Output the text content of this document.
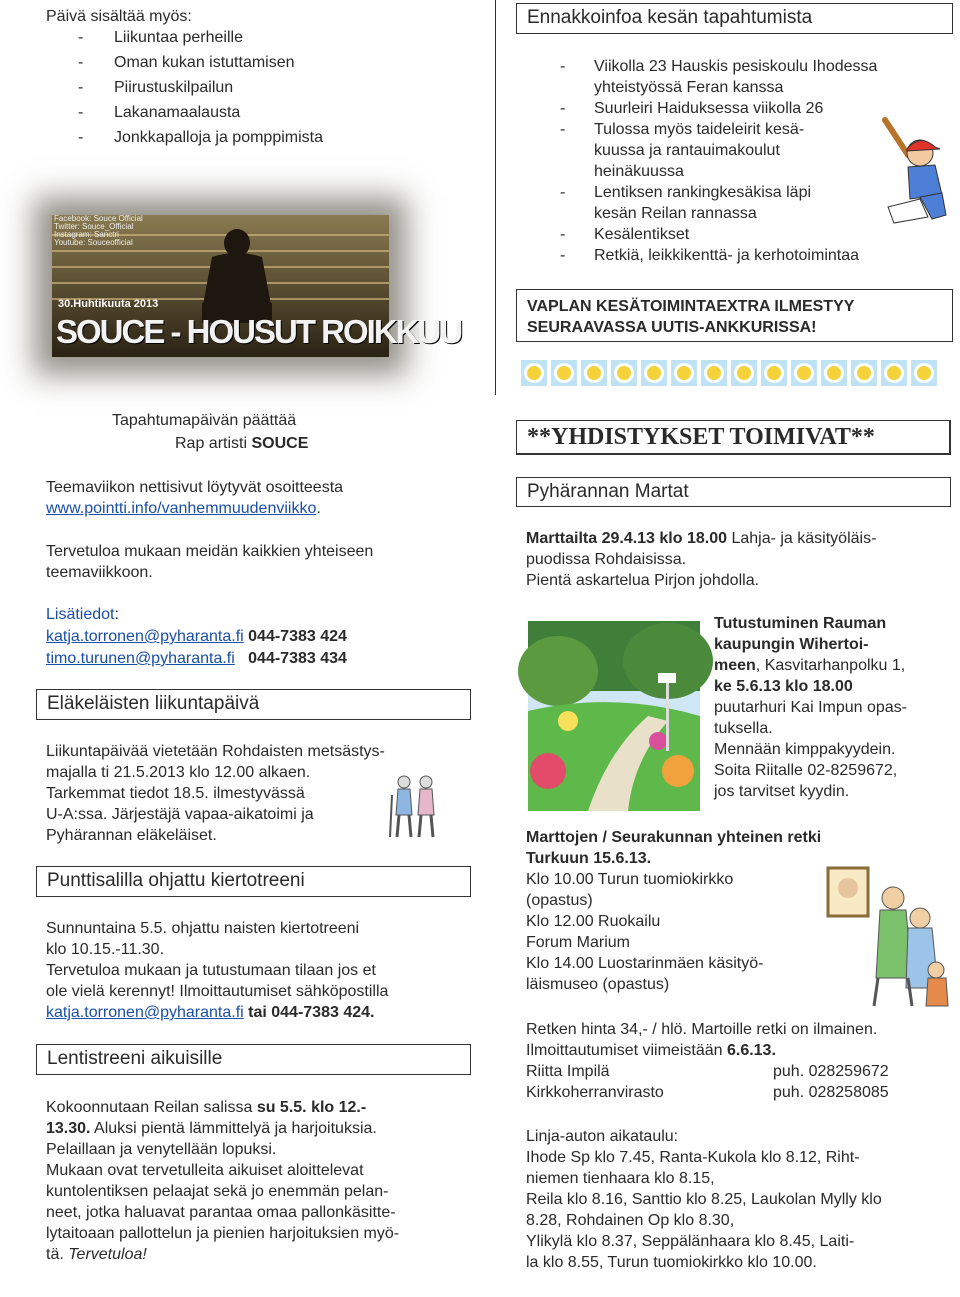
Päivä sisältää myös:
- Liikuntaa perheille
- Oman kukan istuttamisen
- Piirustuskilpailun
- Lakanamaalausta
- Jonkkapalloja ja pomppimista
Facebook: Souce Official
Twitter: Souce_Official
Instagram: Sanctri
Youtube: Souceofficial
30.Huhtikuuta 2013
SOUCE - HOUSUT ROIKKUU
Ennakkoinfoa kesän tapahtumista
- Viikolla 23 Hauskis pesiskoulu Ihodessa
yhteistyössä Feran kanssa
- Suurleiri Haiduksessa viikolla 26
- Tulossa myös taideleirit kesä-
kuussa ja rantauimakoulut
heinäkuussa
- Lentiksen rankingkesäkisa läpi
kesän Reilan rannassa
- Kesälentikset
- Retkiä, leikkikenttä- ja kerhotoimintaa
VAPLAN KESÄTOIMINTAEXTRA ILMESTYY
SEURAAVASSA UUTIS-ANKKURISSA!
Tapahtumapäivän päättää
Rap artisti SOUCE
Teemaviikon nettisivut löytyvät osoitteesta
www.pointti.info/vanhemmuudenviikko.
Tervetuloa mukaan meidän kaikkien yhteiseen
teemaviikkoon.
Lisätiedot:
katja.torronen@pyharanta.fi 044-7383 424
timo.turunen@pyharanta.fi 044-7383 434
Eläkeläisten liikuntapäivä
Liikuntapäivää vietetään Rohdaisten metsästys-
majalla ti 21.5.2013 klo 12.00 alkaen.
Tarkemmat tiedot 18.5. ilmestyvässä
U-A:ssa. Järjestäjä vapaa-aikatoimi ja
Pyhärannan eläkeläiset.
Punttisalilla ohjattu kiertotreeni
Sunnuntaina 5.5. ohjattu naisten kiertotreeni
klo 10.15.-11.30.
Tervetuloa mukaan ja tutustumaan tilaan jos et
ole vielä kerennyt! Ilmoittautumiset sähköpostilla
katja.torronen@pyharanta.fi tai 044-7383 424.
Lentistreeni aikuisille
Kokoonnutaan Reilan salissa su 5.5. klo 12.-
13.30. Aluksi pientä lämmittelyä ja harjoituksia.
Pelaillaan ja venytellään lopuksi.
Mukaan ovat tervetulleita aikuiset aloittelevat
kuntolentiksen pelaajat sekä jo enemmän pelan-
neet, jotka haluavat parantaa omaa pallonkäsitte-
lytaitoaan pallottelun ja pienien harjoituksien myö-
tä. Tervetuloa!
**YHDISTYKSET TOIMIVAT**
Pyhärannan Martat
Marttailta 29.4.13 klo 18.00 Lahja- ja käsityöläis-
puodissa Rohdaisissa.
Pientä askartelua Pirjon johdolla.
Tutustuminen Rauman
kaupungin Wihertoi-
meen, Kasvitarhanpolku 1,
ke 5.6.13 klo 18.00
puutarhuri Kai Impun opas-
tuksella.
Mennään kimppakyydein.
Soita Riitalle 02-8259672,
jos tarvitset kyydin.
Marttojen / Seurakunnan yhteinen retki
Turkuun 15.6.13.
Klo 10.00 Turun tuomiokirkko
(opastus)
Klo 12.00 Ruokailu
Forum Marium
Klo 14.00 Luostarinmäen käsityö-
läismuseo (opastus)
Retken hinta 34,- / hlö. Martoille retki on ilmainen.
Ilmoittautumiset viimeistään 6.6.13.
Riitta Impilä	puh. 028259672
Kirkkoherranvirasto	puh. 028258085
Linja-auton aikataulu:
Ihode Sp klo 7.45, Ranta-Kukola klo 8.12, Riht-
niemen tienhaara klo 8.15,
Reila klo 8.16, Santtio klo 8.25, Laukolan Mylly klo
8.28, Rohdainen Op klo 8.30,
Ylikylä klo 8.37, Seppälänhaara klo 8.45, Laiti-
la klo 8.55, Turun tuomiokirkko klo 10.00.
